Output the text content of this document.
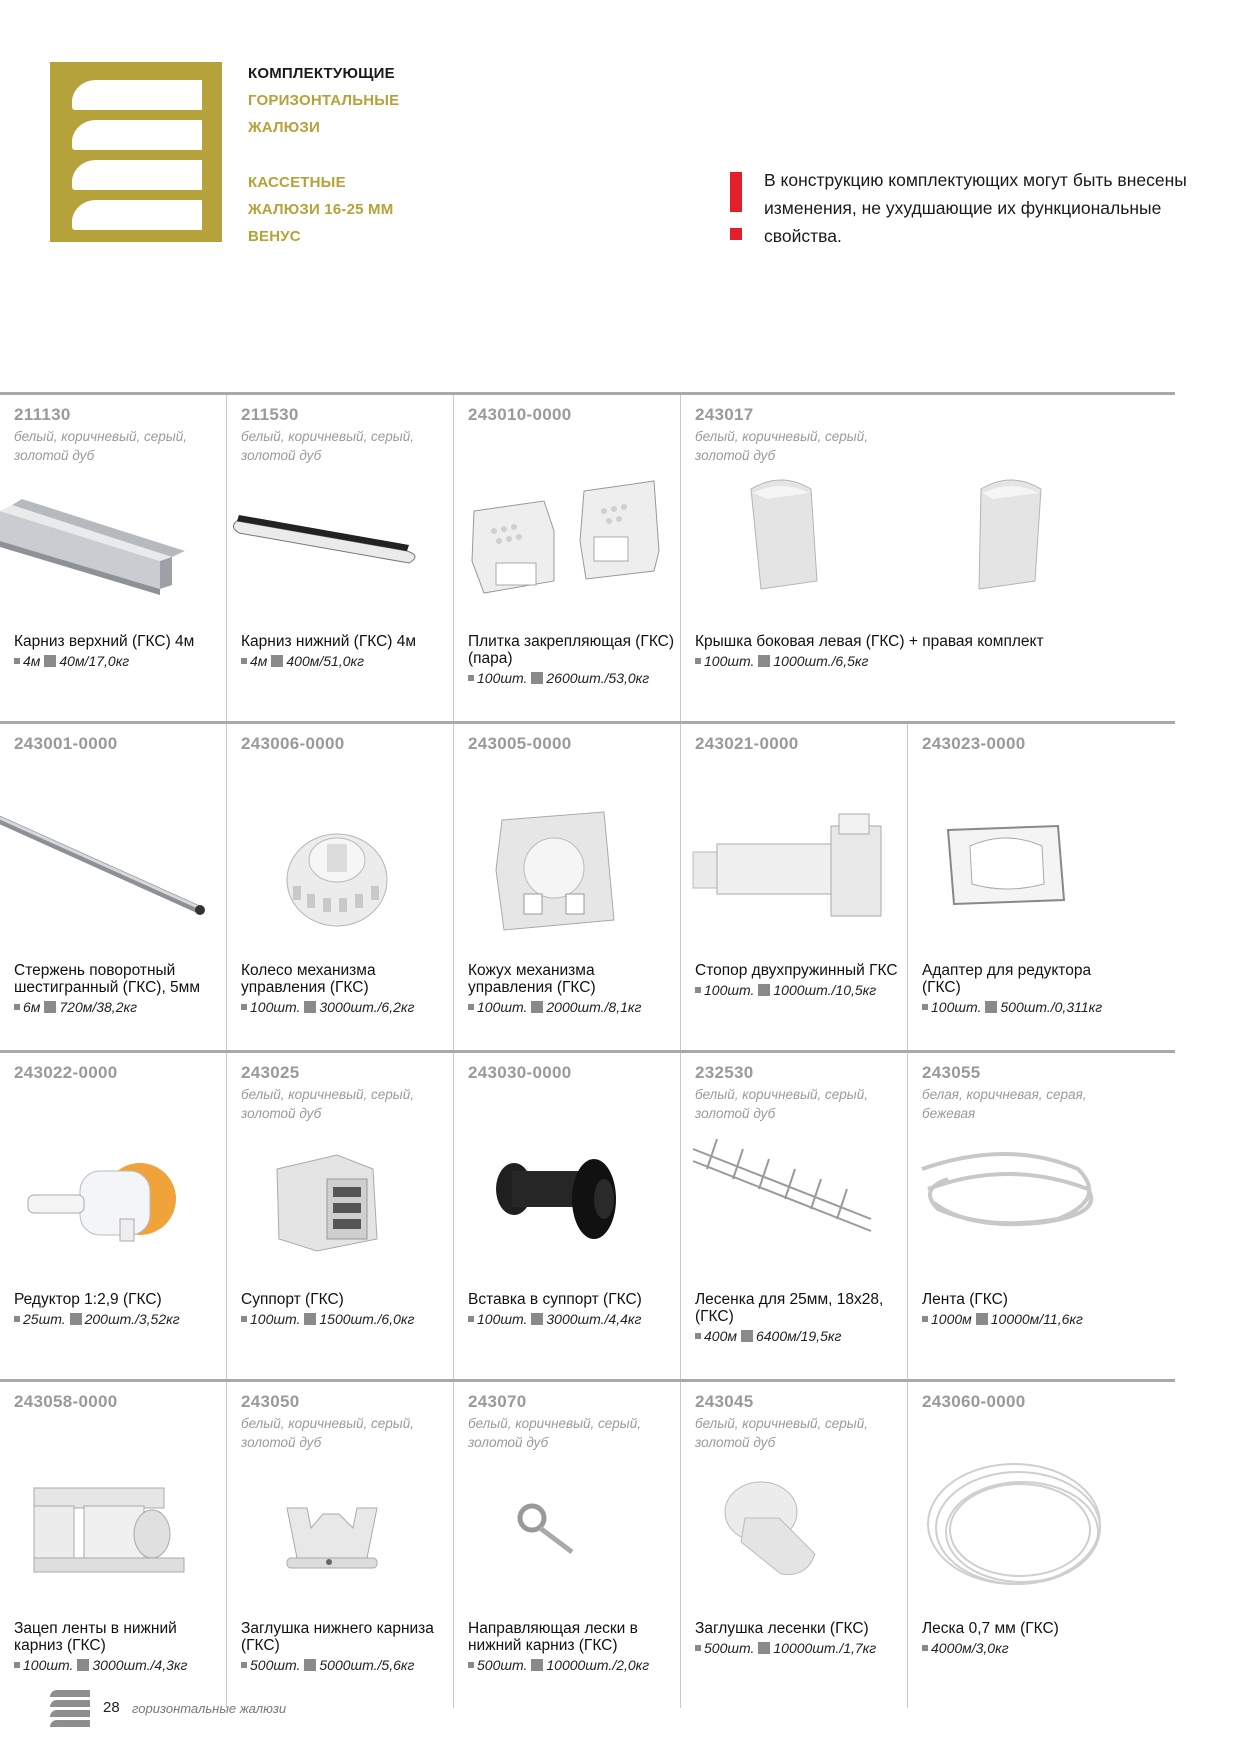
КОМПЛЕКТУЮЩИЕ
ГОРИЗОНТАЛЬНЫЕ
ЖАЛЮЗИ
КАССЕТНЫЕ
ЖАЛЮЗИ 16-25 ММ
ВЕНУС
В конструкцию комплектующих могут быть внесены изменения, не ухудшающие их функциональные свойства.
211130
белый, коричневый, серый, золотой дуб
Карниз верхний (ГКС) 4м
4м 40м/17,0кг
211530
белый, коричневый, серый, золотой дуб
Карниз нижний (ГКС) 4м
4м 400м/51,0кг
243010-0000
Плитка закрепляющая (ГКС) (пара)
100шт. 2600шт./53,0кг
243017
белый, коричневый, серый, золотой дуб
Крышка боковая левая (ГКС) + правая комплект
100шт. 1000шт./6,5кг
243001-0000
Стержень поворотный шестигранный (ГКС), 5мм
6м 720м/38,2кг
243006-0000
Колесо механизма управления (ГКС)
100шт. 3000шт./6,2кг
243005-0000
Кожух механизма управления (ГКС)
100шт. 2000шт./8,1кг
243021-0000
Стопор двухпружинный ГКС
100шт. 1000шт./10,5кг
243023-0000
Адаптер для редуктора (ГКС)
100шт. 500шт./0,311кг
243022-0000
Редуктор 1:2,9 (ГКС)
25шт. 200шт./3,52кг
243025
белый, коричневый, серый, золотой дуб
Суппорт (ГКС)
100шт. 1500шт./6,0кг
243030-0000
Вставка в суппорт (ГКС)
100шт. 3000шт./4,4кг
232530
белый, коричневый, серый, золотой дуб
Лесенка для 25мм, 18х28, (ГКС)
400м 6400м/19,5кг
243055
белая, коричневая, серая, бежевая
Лента (ГКС)
1000м 10000м/11,6кг
243058-0000
Зацеп ленты в нижний карниз (ГКС)
100шт. 3000шт./4,3кг
243050
белый, коричневый, серый, золотой дуб
Заглушка нижнего карниза (ГКС)
500шт. 5000шт./5,6кг
243070
белый, коричневый, серый, золотой дуб
Направляющая лески в нижний карниз (ГКС)
500шт. 10000шт./2,0кг
243045
белый, коричневый, серый, золотой дуб
Заглушка лесенки (ГКС)
500шт. 10000шт./1,7кг
243060-0000
Леска 0,7 мм (ГКС)
4000м/3,0кг
28 горизонтальные жалюзи
